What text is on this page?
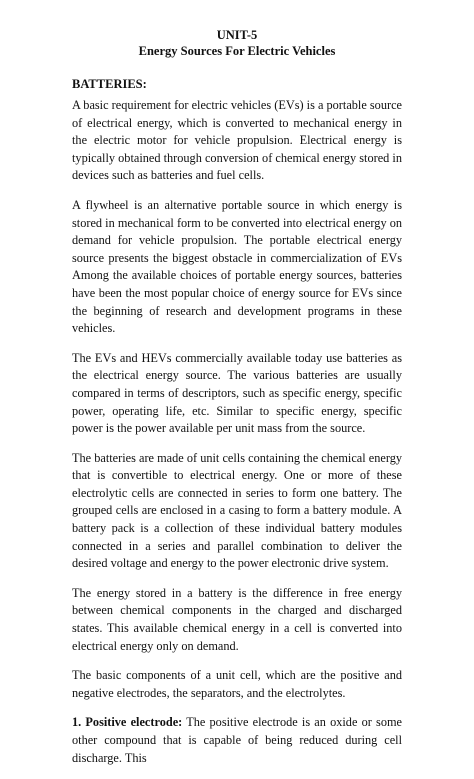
UNIT-5
Energy Sources For Electric Vehicles
BATTERIES:

A basic requirement for electric vehicles (EVs) is a portable source of electrical energy, which is converted to mechanical energy in the electric motor for vehicle propulsion. Electrical energy is typically obtained through conversion of chemical energy stored in devices such as batteries and fuel cells.

A flywheel is an alternative portable source in which energy is stored in mechanical form to be converted into electrical energy on demand for vehicle propulsion. The portable electrical energy source presents the biggest obstacle in commercialization of EVs Among the available choices of portable energy sources, batteries have been the most popular choice of energy source for EVs since the beginning of research and development programs in these vehicles.

The EVs and HEVs commercially available today use batteries as the electrical energy source. The various batteries are usually compared in terms of descriptors, such as specific energy, specific power, operating life, etc. Similar to specific energy, specific power is the power available per unit mass from the source.

The batteries are made of unit cells containing the chemical energy that is convertible to electrical energy. One or more of these electrolytic cells are connected in series to form one battery. The grouped cells are enclosed in a casing to form a battery module. A battery pack is a collection of these individual battery modules connected in a series and parallel combination to deliver the desired voltage and energy to the power electronic drive system.

The energy stored in a battery is the difference in free energy between chemical components in the charged and discharged states. This available chemical energy in a cell is converted into electrical energy only on demand.

The basic components of a unit cell, which are the positive and negative electrodes, the separators, and the electrolytes.

1. Positive electrode: The positive electrode is an oxide or some other compound that is capable of being reduced during cell discharge. This
